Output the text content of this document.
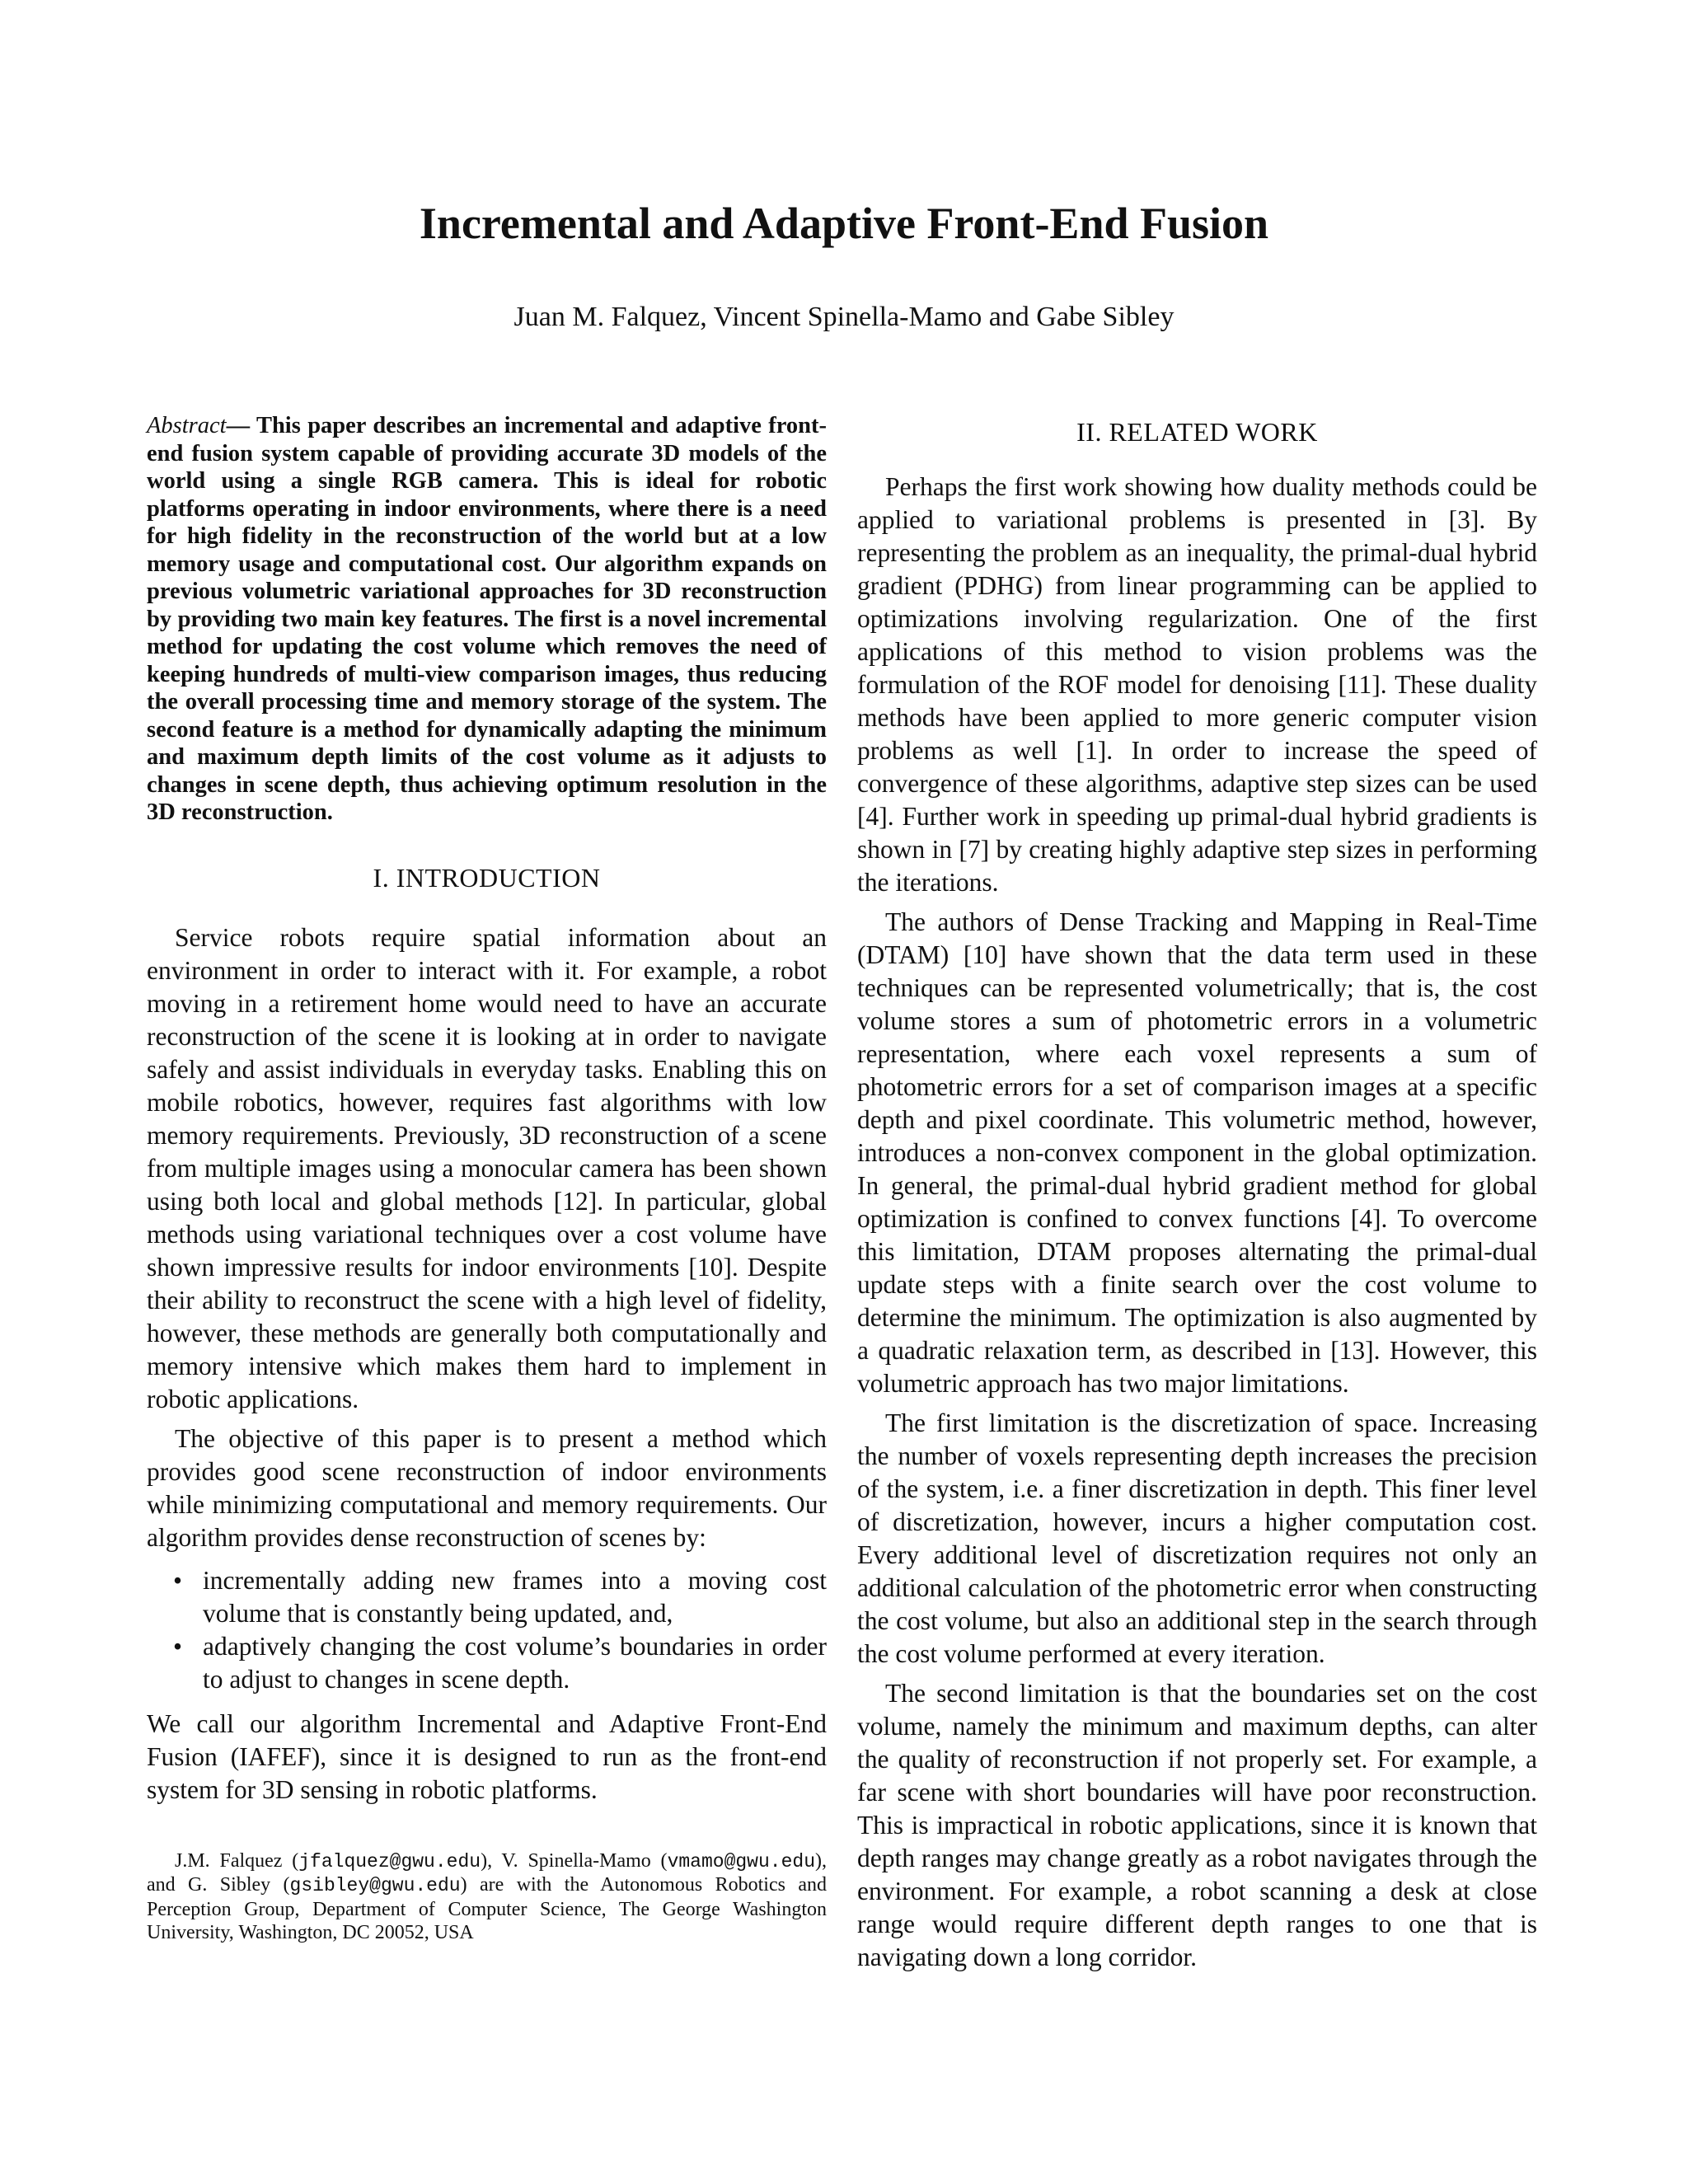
Incremental and Adaptive Front-End Fusion

Juan M. Falquez, Vincent Spinella-Mamo and Gabe Sibley

Abstract— This paper describes an incremental and adaptive front-end fusion system capable of providing accurate 3D models of the world using a single RGB camera. This is ideal for robotic platforms operating in indoor environments, where there is a need for high fidelity in the reconstruction of the world but at a low memory usage and computational cost. Our algorithm expands on previous volumetric variational approaches for 3D reconstruction by providing two main key features. The first is a novel incremental method for updating the cost volume which removes the need of keeping hundreds of multi-view comparison images, thus reducing the overall processing time and memory storage of the system. The second feature is a method for dynamically adapting the minimum and maximum depth limits of the cost volume as it adjusts to changes in scene depth, thus achieving optimum resolution in the 3D reconstruction.

I. INTRODUCTION

Service robots require spatial information about an environment in order to interact with it. For example, a robot moving in a retirement home would need to have an accurate reconstruction of the scene it is looking at in order to navigate safely and assist individuals in everyday tasks. Enabling this on mobile robotics, however, requires fast algorithms with low memory requirements. Previously, 3D reconstruction of a scene from multiple images using a monocular camera has been shown using both local and global methods [12]. In particular, global methods using variational techniques over a cost volume have shown impressive results for indoor environments [10]. Despite their ability to reconstruct the scene with a high level of fidelity, however, these methods are generally both computationally and memory intensive which makes them hard to implement in robotic applications.

The objective of this paper is to present a method which provides good scene reconstruction of indoor environments while minimizing computational and memory requirements. Our algorithm provides dense reconstruction of scenes by:

• incrementally adding new frames into a moving cost volume that is constantly being updated, and,
• adaptively changing the cost volume’s boundaries in order to adjust to changes in scene depth.

We call our algorithm Incremental and Adaptive Front-End Fusion (IAFEF), since it is designed to run as the front-end system for 3D sensing in robotic platforms.

J.M. Falquez (jfalquez@gwu.edu), V. Spinella-Mamo (vmamo@gwu.edu), and G. Sibley (gsibley@gwu.edu) are with the Autonomous Robotics and Perception Group, Department of Computer Science, The George Washington University, Washington, DC 20052, USA

II. RELATED WORK

Perhaps the first work showing how duality methods could be applied to variational problems is presented in [3]. By representing the problem as an inequality, the primal-dual hybrid gradient (PDHG) from linear programming can be applied to optimizations involving regularization. One of the first applications of this method to vision problems was the formulation of the ROF model for denoising [11]. These duality methods have been applied to more generic computer vision problems as well [1]. In order to increase the speed of convergence of these algorithms, adaptive step sizes can be used [4]. Further work in speeding up primal-dual hybrid gradients is shown in [7] by creating highly adaptive step sizes in performing the iterations.

The authors of Dense Tracking and Mapping in Real-Time (DTAM) [10] have shown that the data term used in these techniques can be represented volumetrically; that is, the cost volume stores a sum of photometric errors in a volumetric representation, where each voxel represents a sum of photometric errors for a set of comparison images at a specific depth and pixel coordinate. This volumetric method, however, introduces a non-convex component in the global optimization. In general, the primal-dual hybrid gradient method for global optimization is confined to convex functions [4]. To overcome this limitation, DTAM proposes alternating the primal-dual update steps with a finite search over the cost volume to determine the minimum. The optimization is also augmented by a quadratic relaxation term, as described in [13]. However, this volumetric approach has two major limitations.

The first limitation is the discretization of space. Increasing the number of voxels representing depth increases the precision of the system, i.e. a finer discretization in depth. This finer level of discretization, however, incurs a higher computation cost. Every additional level of discretization requires not only an additional calculation of the photometric error when constructing the cost volume, but also an additional step in the search through the cost volume performed at every iteration.

The second limitation is that the boundaries set on the cost volume, namely the minimum and maximum depths, can alter the quality of reconstruction if not properly set. For example, a far scene with short boundaries will have poor reconstruction. This is impractical in robotic applications, since it is known that depth ranges may change greatly as a robot navigates through the environment. For example, a robot scanning a desk at close range would require different depth ranges to one that is navigating down a long corridor.
